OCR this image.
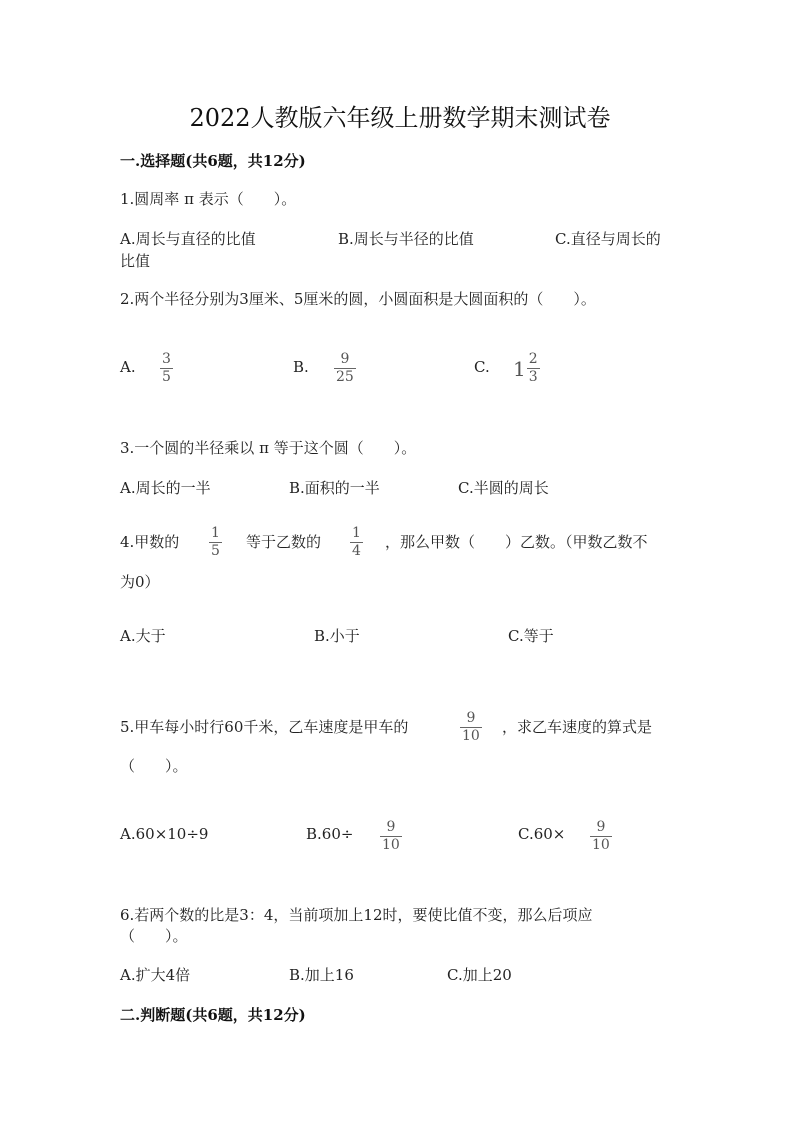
2022人教版六年级上册数学期末测试卷
一.选择题(共6题，共12分)
1.圆周率 π 表示（　　）。
A.周长与直径的比值	B.周长与半径的比值	C.直径与周长的
比值
2.两个半径分别为3厘米、5厘米的圆，小圆面积是大圆面积的（　　）。
A. 3
5
B. 9
25
C. $1 \frac{2}{3}$
3.一个圆的半径乘以 π 等于这个圆（　　）。
A.周长的一半	B.面积的一半	C.半圆的周长
4.甲数的 1
5 等于乙数的 1
4 ，那么甲数（　　）乙数。（甲数乙数不
为0）
A.大于	B.小于	C.等于
5.甲车每小时行60千米，乙车速度是甲车的	9
10 ，求乙车速度的算式是
（　　）。
A.60×10÷9	B.60÷ 9
10
C.60× 9
10
6.若两个数的比是3：4，当前项加上12时，要使比值不变，那么后项应
（　　）。
A.扩大4倍	B.加上16	C.加上20
二.判断题(共6题，共12分)
